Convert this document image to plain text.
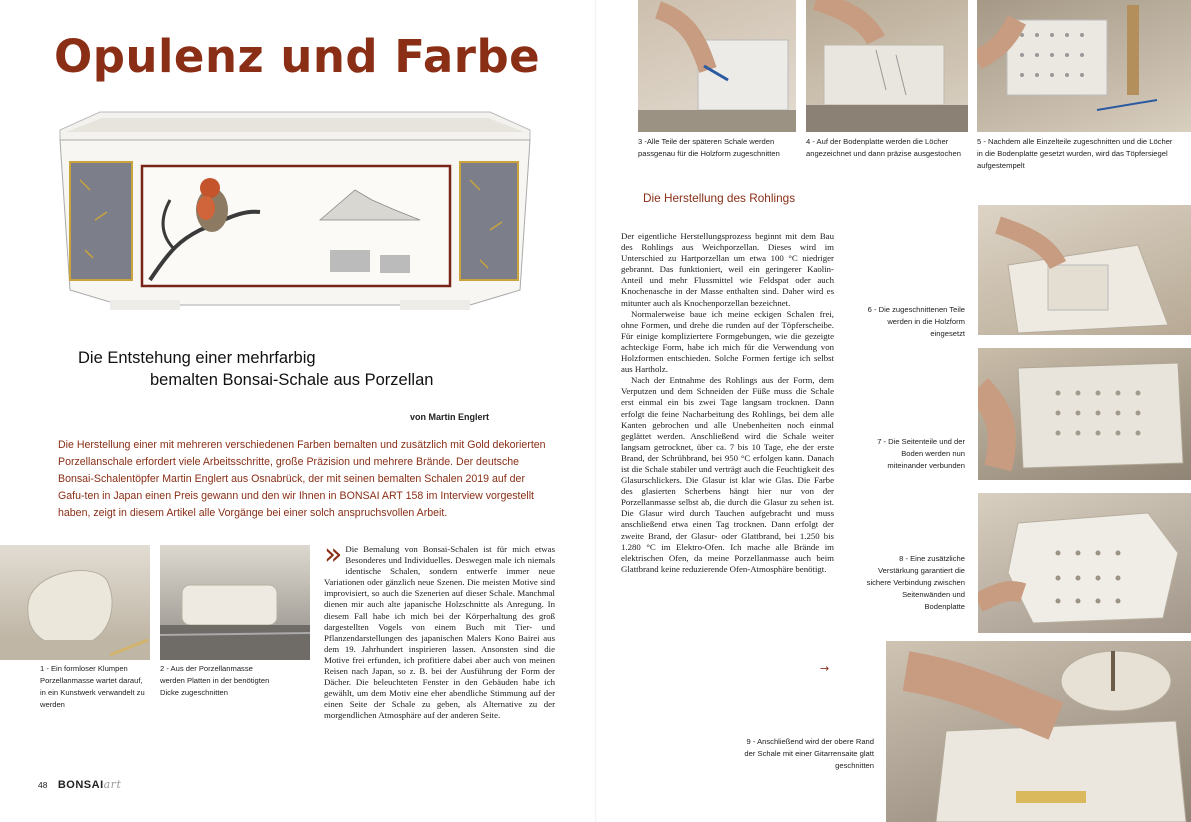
Opulenz und Farbe
Die Entstehung einer mehrfarbig
bemalten Bonsai-Schale aus Porzellan
von Martin Englert

Die Herstellung einer mit mehreren verschiedenen Farben bemalten und zusätzlich mit Gold dekorierten Porzellanschale erfordert viele Arbeitsschritte, große Präzision und mehrere Brände. Der deutsche Bonsai-Schalentöpfer Martin Englert aus Osnabrück, der mit seinen bemalten Schalen 2019 auf der Gafu-ten in Japan einen Preis gewann und den wir Ihnen in BONSAI ART 158 im Interview vorgestellt haben, zeigt in diesem Artikel alle Vorgänge bei einer solch anspruchsvollen Arbeit.

1 - Ein formloser Klumpen Porzellanmasse wartet darauf, in ein Kunstwerk verwandelt zu werden
2 - Aus der Porzellanmasse werden Platten in der benötigten Dicke zugeschnitten
» Die Bemalung von Bonsai-Schalen ist für mich etwas Besonderes und Individuelles. Deswegen male ich niemals identische Schalen, sondern entwerfe immer neue Variationen oder gänzlich neue Szenen. Die meisten Motive sind improvisiert, so auch die Szenerien auf dieser Schale. Manchmal dienen mir auch alte japanische Holzschnitte als Anregung. In diesem Fall habe ich mich bei der Körperhaltung des groß dargestellten Vogels von einem Buch mit Tier- und Pflanzendarstellungen des japanischen Malers Kono Bairei aus dem 19. Jahrhundert inspirieren lassen. Ansonsten sind die Motive frei erfunden, ich profitiere dabei aber auch von meinen Reisen nach Japan, so z. B. bei der Ausführung der Form der Dächer. Die beleuchteten Fenster in den Gebäuden habe ich gewählt, um dem Motiv eine eher abendliche Stimmung auf der einen Seite der Schale zu geben, als Alternative zu der morgendlichen Atmosphäre auf der anderen Seite.

48 BONSAIart
3 -Alle Teile der späteren Schale werden passgenau für die Holzform zugeschnitten
4 - Auf der Bodenplatte werden die Löcher angezeichnet und dann präzise ausgestochen
5 - Nachdem alle Einzelteile zugeschnitten und die Löcher in die Bodenplatte gesetzt wurden, wird das Töpfersiegel aufgestempelt
Die Herstellung des Rohlings

Der eigentliche Herstellungsprozess beginnt mit dem Bau des Rohlings aus Weichporzellan. Dieses wird im Unterschied zu Hartporzellan um etwa 100 °C niedriger gebrannt. Das funktioniert, weil ein geringerer Kaolin-Anteil und mehr Flussmittel wie Feldspat oder auch Knochenasche in der Masse enthalten sind. Daher wird es mitunter auch als Knochenporzellan bezeichnet.

Normalerweise baue ich meine eckigen Schalen frei, ohne Formen, und drehe die runden auf der Töpferscheibe. Für einige kompliziertere Formgebungen, wie die gezeigte achteckige Form, habe ich mich für die Verwendung von Holzformen entschieden. Solche Formen fertige ich selbst aus Hartholz.

Nach der Entnahme des Rohlings aus der Form, dem Verputzen und dem Schneiden der Füße muss die Schale erst einmal ein bis zwei Tage langsam trocknen. Dann erfolgt die feine Nacharbeitung des Rohlings, bei dem alle Kanten gebrochen und alle Unebenheiten noch einmal geglättet werden. Anschließend wird die Schale weiter langsam getrocknet, über ca. 7 bis 10 Tage, ehe der erste Brand, der Schrühbrand, bei 950 °C erfolgen kann. Danach ist die Schale stabiler und verträgt auch die Feuchtigkeit des Glasurschlickers. Die Glasur ist klar wie Glas. Die Farbe des glasierten Scherbens hängt hier nur von der Porzellanmasse selbst ab, die durch die Glasur zu sehen ist. Die Glasur wird durch Tauchen aufgebracht und muss anschließend etwa einen Tag trocknen. Dann erfolgt der zweite Brand, der Glasur- oder Glattbrand, bei 1.250 bis 1.280 °C im Elektro-Ofen. Ich mache alle Brände im elektrischen Ofen, da meine Porzellanmasse auch beim Glattbrand keine reduzierende Ofen-Atmosphäre benötigt.

→
6 - Die zugeschnittenen Teile werden in die Holzform eingesetzt
7 - Die Seitenteile und der Boden werden nun miteinander verbunden
8 - Eine zusätzliche Verstärkung garantiert die sichere Verbindung zwischen Seitenwänden und Bodenplatte
9 - Anschließend wird der obere Rand der Schale mit einer Gitarrensaite glatt geschnitten
